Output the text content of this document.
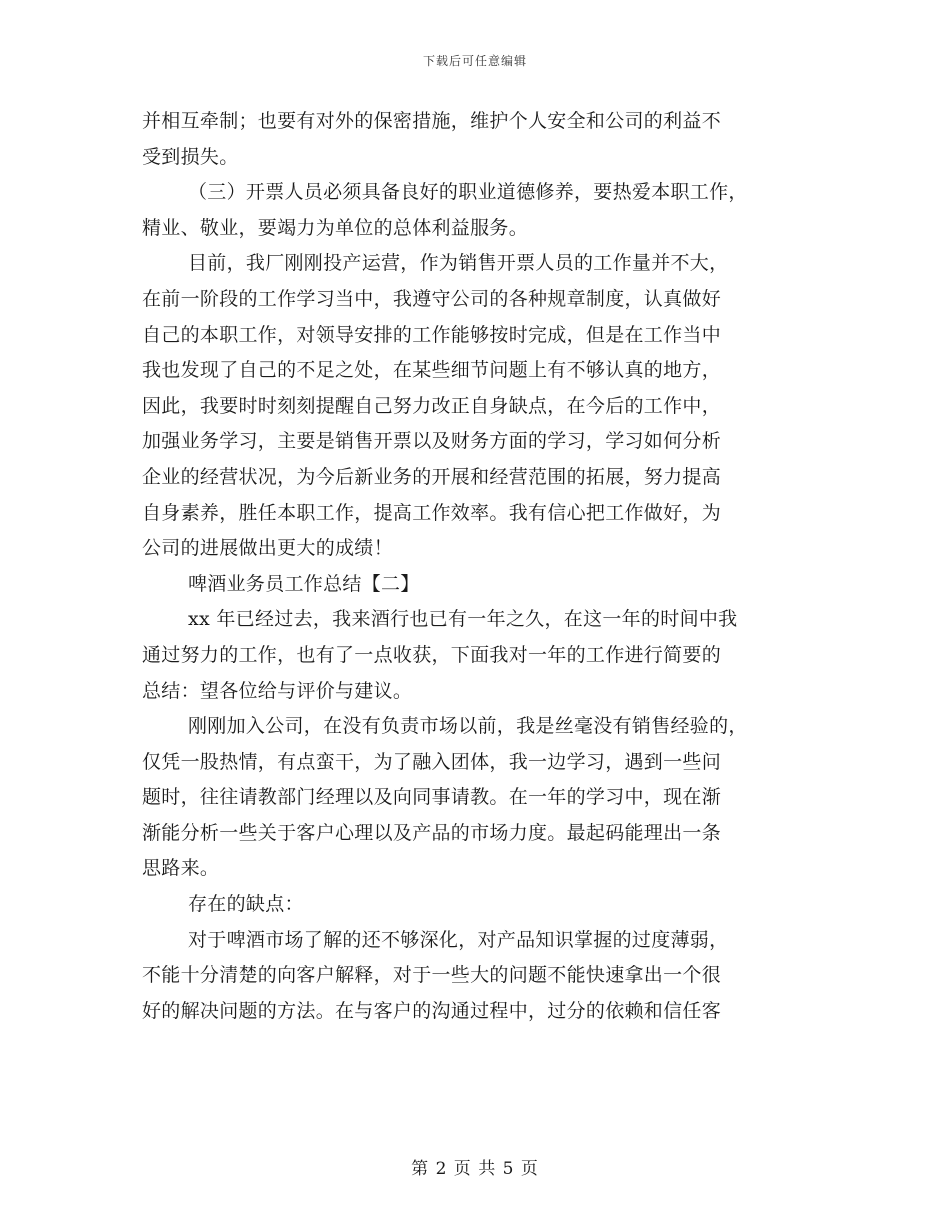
下载后可任意编辑
并相互牵制；也要有对外的保密措施，维护个人安全和公司的利益不
受到损失。
（三）开票人员必须具备良好的职业道德修养，要热爱本职工作，
精业、敬业，要竭力为单位的总体利益服务。
目前，我厂刚刚投产运营，作为销售开票人员的工作量并不大，
在前一阶段的工作学习当中，我遵守公司的各种规章制度，认真做好
自己的本职工作，对领导安排的工作能够按时完成，但是在工作当中
我也发现了自己的不足之处，在某些细节问题上有不够认真的地方，
因此，我要时时刻刻提醒自己努力改正自身缺点，在今后的工作中，
加强业务学习，主要是销售开票以及财务方面的学习，学习如何分析
企业的经营状况，为今后新业务的开展和经营范围的拓展，努力提高
自身素养，胜任本职工作，提高工作效率。我有信心把工作做好，为
公司的进展做出更大的成绩！
啤酒业务员工作总结【二】
xx 年已经过去，我来酒行也已有一年之久，在这一年的时间中我
通过努力的工作，也有了一点收获，下面我对一年的工作进行简要的
总结：望各位给与评价与建议。
刚刚加入公司，在没有负责市场以前，我是丝毫没有销售经验的，
仅凭一股热情，有点蛮干，为了融入团体，我一边学习，遇到一些问
题时，往往请教部门经理以及向同事请教。在一年的学习中，现在渐
渐能分析一些关于客户心理以及产品的市场力度。最起码能理出一条
思路来。
存在的缺点：
对于啤酒市场了解的还不够深化，对产品知识掌握的过度薄弱，
不能十分清楚的向客户解释，对于一些大的问题不能快速拿出一个很
好的解决问题的方法。在与客户的沟通过程中，过分的依赖和信任客
第 2 页 共 5 页
